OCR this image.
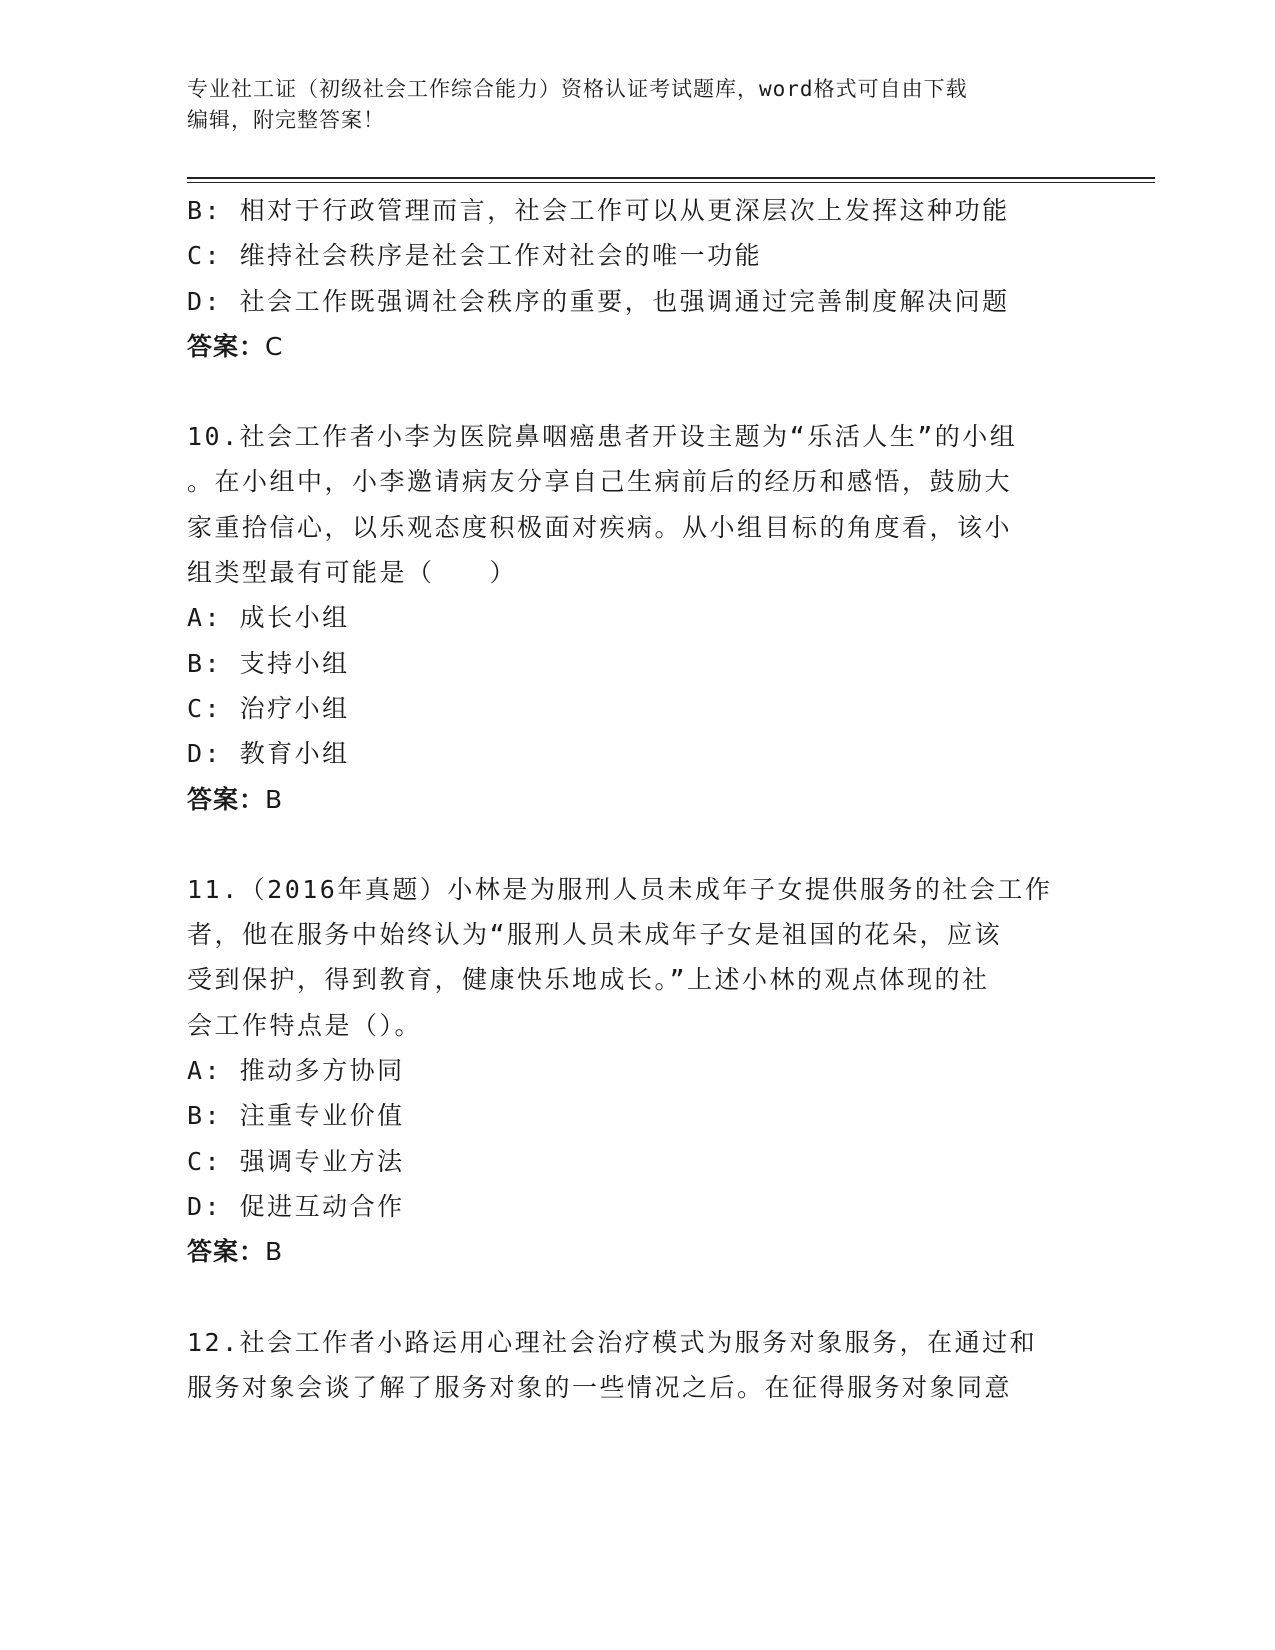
专业社工证（初级社会工作综合能力）资格认证考试题库，word格式可自由下载
编辑，附完整答案！
B: 相对于行政管理而言，社会工作可以从更深层次上发挥这种功能
C: 维持社会秩序是社会工作对社会的唯一功能
D: 社会工作既强调社会秩序的重要，也强调通过完善制度解决问题
答案：C
10.社会工作者小李为医院鼻咽癌患者开设主题为“乐活人生”的小组
。在小组中，小李邀请病友分享自己生病前后的经历和感悟，鼓励大
家重拾信心，以乐观态度积极面对疾病。从小组目标的角度看，该小
组类型最有可能是（　　）
A: 成长小组
B: 支持小组
C: 治疗小组
D: 教育小组
答案：B
11.（2016年真题）小林是为服刑人员未成年子女提供服务的社会工作
者，他在服务中始终认为“服刑人员未成年子女是祖国的花朵，应该
受到保护，得到教育，健康快乐地成长。”上述小林的观点体现的社
会工作特点是（）。
A: 推动多方协同
B: 注重专业价值
C: 强调专业方法
D: 促进互动合作
答案：B
12.社会工作者小路运用心理社会治疗模式为服务对象服务，在通过和
服务对象会谈了解了服务对象的一些情况之后。在征得服务对象同意
